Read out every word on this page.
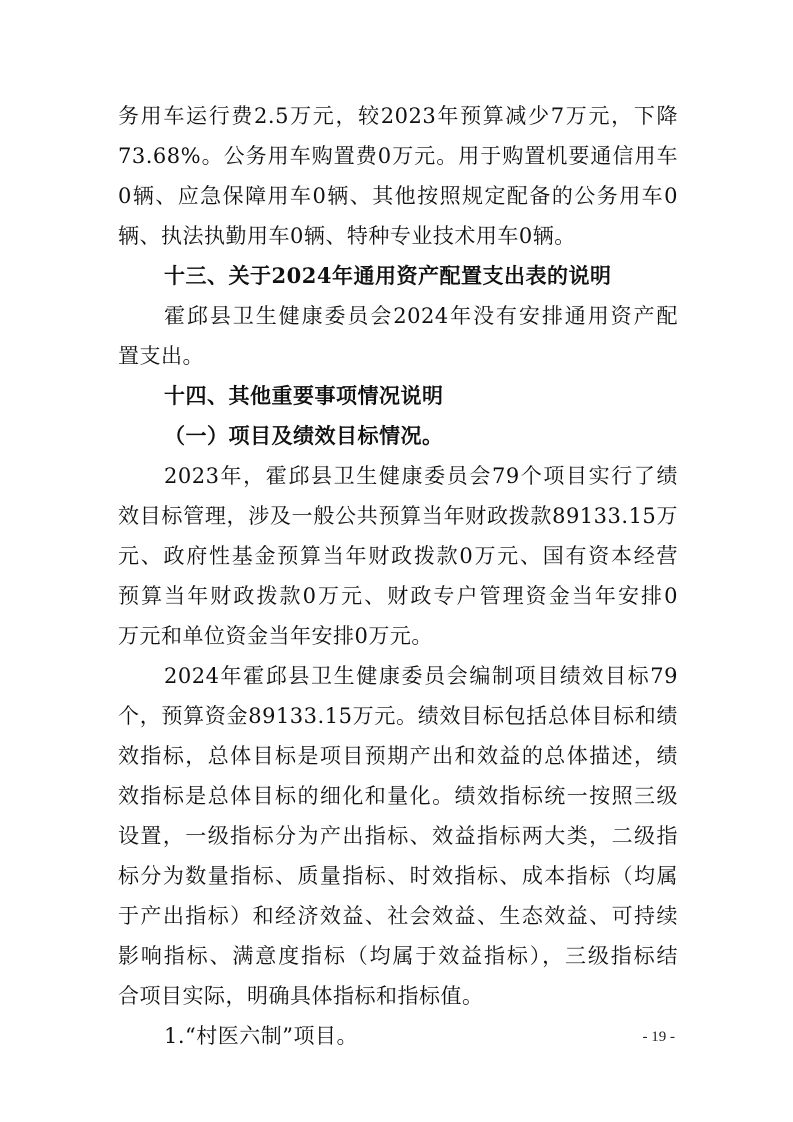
务用车运行费2.5万元，较2023年预算减少7万元，下降
73.68%。公务用车购置费0万元。用于购置机要通信用车
0辆、应急保障用车0辆、其他按照规定配备的公务用车0
辆、执法执勤用车0辆、特种专业技术用车0辆。
十三、关于2024年通用资产配置支出表的说明
霍邱县卫生健康委员会2024年没有安排通用资产配
置支出。
十四、其他重要事项情况说明
（一）项目及绩效目标情况。
2023年，霍邱县卫生健康委员会79个项目实行了绩
效目标管理，涉及一般公共预算当年财政拨款89133.15万
元、政府性基金预算当年财政拨款0万元、国有资本经营
预算当年财政拨款0万元、财政专户管理资金当年安排0
万元和单位资金当年安排0万元。
2024年霍邱县卫生健康委员会编制项目绩效目标79
个，预算资金89133.15万元。绩效目标包括总体目标和绩
效指标，总体目标是项目预期产出和效益的总体描述，绩
效指标是总体目标的细化和量化。绩效指标统一按照三级
设置，一级指标分为产出指标、效益指标两大类，二级指
标分为数量指标、质量指标、时效指标、成本指标（均属
于产出指标）和经济效益、社会效益、生态效益、可持续
影响指标、满意度指标（均属于效益指标），三级指标结
合项目实际，明确具体指标和指标值。
1.“村医六制”项目。	- 19 -
